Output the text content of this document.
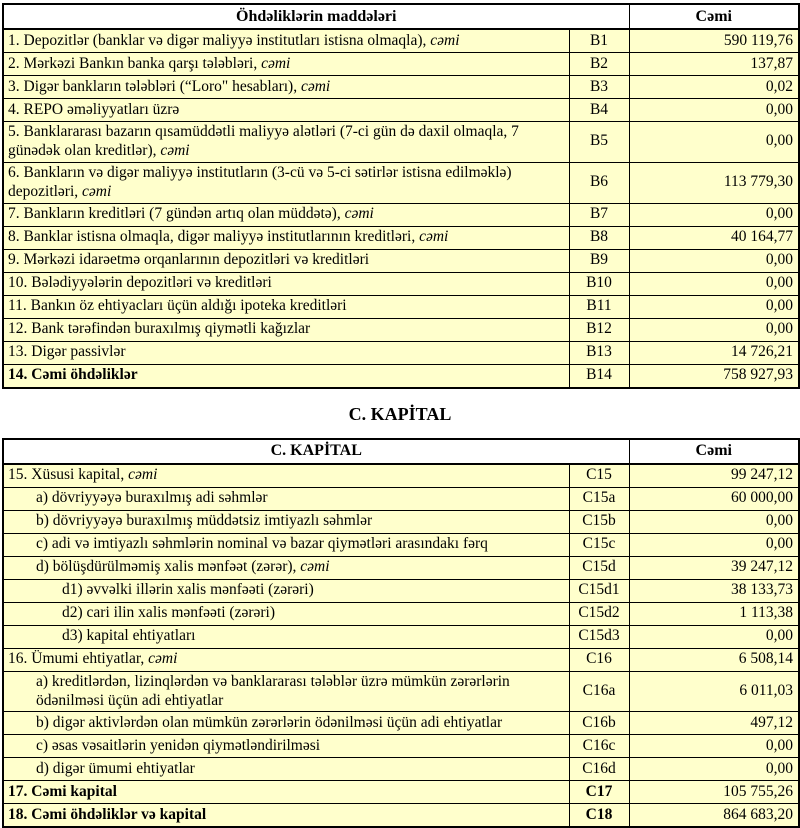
Öhdəliklərin maddələri		Cəmi
1. Depozitlər (banklar və digər maliyyə institutları istisna olmaqla), cəmi	B1	590 119,76
2. Mərkəzi Bankın banka qarşı tələbləri, cəmi	B2	137,87
3. Digər bankların tələbləri (“Loro" hesabları), cəmi	B3	0,02
4. REPO əməliyyatları üzrə	B4	0,00
5. Banklararası bazarın qısamüddətli maliyyə alətləri (7-ci gün də daxil olmaqla, 7 günədək olan kreditlər), cəmi	B5	0,00
6. Bankların və digər maliyyə institutların (3-cü və 5-ci sətirlər istisna edilməklə) depozitləri, cəmi	B6	113 779,30
7. Bankların kreditləri (7 gündən artıq olan müddətə), cəmi	B7	0,00
8. Banklar istisna olmaqla, digər maliyyə institutlarının kreditləri, cəmi	B8	40 164,77
9. Mərkəzi idarəetmə orqanlarının depozitləri və kreditləri	B9	0,00
10. Bələdiyyələrin depozitləri və kreditləri	B10	0,00
11. Bankın öz ehtiyacları üçün aldığı ipoteka kreditləri	B11	0,00
12. Bank tərəfindən buraxılmış qiymətli kağızlar	B12	0,00
13. Digər passivlər	B13	14 726,21
14. Cəmi öhdəliklər	B14	758 927,93
C. KAPİTAL
C. KAPİTAL		Cəmi
15. Xüsusi kapital, cəmi	C15	99 247,12
a) dövriyyəyə buraxılmış adi səhmlər	C15a	60 000,00
b) dövriyyəyə buraxılmış müddətsiz imtiyazlı səhmlər	C15b	0,00
c) adi və imtiyazlı səhmlərin nominal və bazar qiymətləri arasındakı fərq	C15c	0,00
d) bölüşdürülməmiş xalis mənfəət (zərər), cəmi	C15d	39 247,12
d1) əvvəlki illərin xalis mənfəəti (zərəri)	C15d1	38 133,73
d2) cari ilin xalis mənfəəti (zərəri)	C15d2	1 113,38
d3) kapital ehtiyatları	C15d3	0,00
16. Ümumi ehtiyatlar, cəmi	C16	6 508,14
a) kreditlərdən, lizinqlərdən və banklararası tələblər üzrə mümkün zərərlərin ödənilməsi üçün adi ehtiyatlar	C16a	6 011,03
b) digər aktivlərdən olan mümkün zərərlərin ödənilməsi üçün adi ehtiyatlar	C16b	497,12
c) əsas vəsaitlərin yenidən qiymətləndirilməsi	C16c	0,00
d) digər ümumi ehtiyatlar	C16d	0,00
17. Cəmi kapital	C17	105 755,26
18. Cəmi öhdəliklər və kapital	C18	864 683,20
